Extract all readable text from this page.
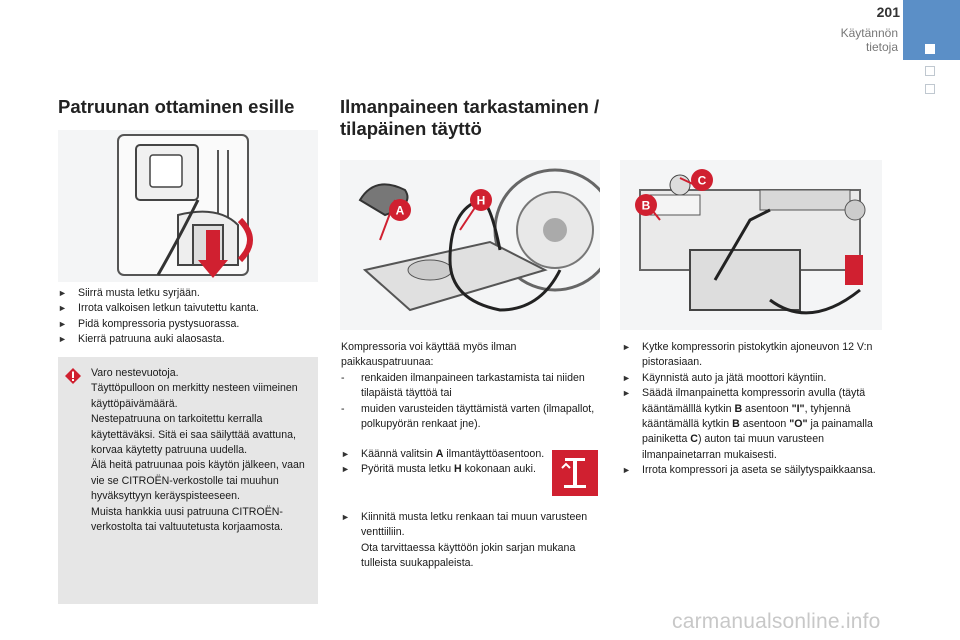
201
Käytännön tietoja
Patruunan ottaminen esille
► Siirrä musta letku syrjään.
► Irrota valkoisen letkun taivutettu kanta.
► Pidä kompressoria pystysuorassa.
► Kierrä patruuna auki alaosasta.

Varo nestevuotoja.

Täyttöpulloon on merkitty nesteen viimeinen käyttöpäivämäärä.

Nestepatruuna on tarkoitettu kerralla käytettäväksi. Sitä ei saa säilyttää avattuna, korvaa käytetty patruuna uudella.

Älä heitä patruunaa pois käytön jälkeen, vaan vie se CITROËN-verkostolle tai muuhun hyväksyttyyn keräyspisteeseen.

Muista hankkia uusi patruuna CITROËN-verkostolta tai valtuutetusta korjaamosta.

Ilmanpaineen tarkastaminen /
tilapäinen täyttö
A
H
Kompressoria voi käyttää myös ilman paikkauspatruunaa:
- renkaiden ilmanpaineen tarkastamista tai niiden tilapäistä täyttöä tai
- muiden varusteiden täyttämistä varten (ilmapallot, polkupyörän renkaat jne).
► Käännä valitsin A ilmantäyttöasentoon.
► Pyöritä musta letku H kokonaan auki.
► Kiinnitä musta letku renkaan tai muun varusteen venttiiliin.
Ota tarvittaessa käyttöön jokin sarjan mukana tulleista suukappaleista.
B
C
► Kytke kompressorin pistokytkin ajoneuvon 12 V:n pistorasiaan.
► Käynnistä auto ja jätä moottori käyntiin.
► Säädä ilmanpainetta kompressorin avulla (täytä kääntämälllä kytkin B asentoon "I", tyhjennä kääntämällä kytkin B asentoon "O" ja painamalla painiketta C) auton tai muun varusteen ilmanpainetarran mukaisesti.
► Irrota kompressori ja aseta se säilytyspaikkaansa.
carmanualsonline.info
